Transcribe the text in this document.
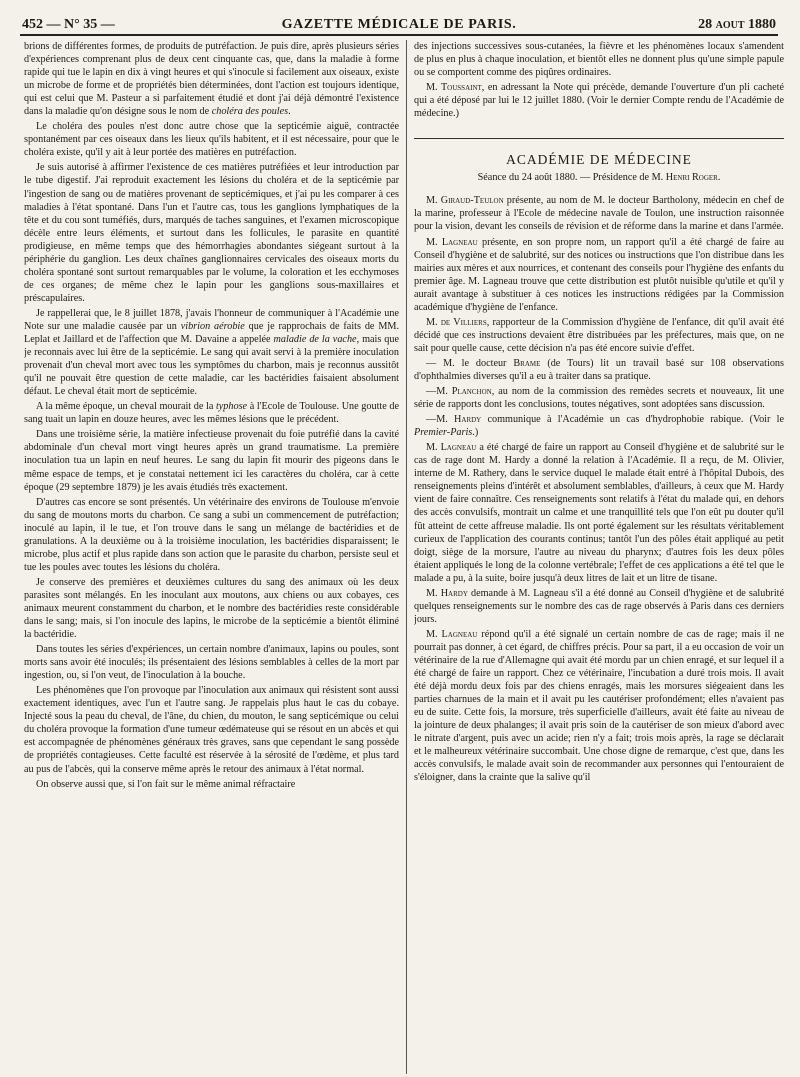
452 — N° 35 —	GAZETTE MÉDICALE DE PARIS.	28 AOUT 1880

brions de différentes formes, de produits de putréfaction. Je puis dire, après plusieurs séries d'expériences comprenant plus de deux cent cinquante cas, que, dans la maladie à forme rapide qui tue le lapin en dix à vingt heures et qui s'inocule si facilement aux oiseaux, existe un microbe de forme et de propriétés bien déterminées, dont l'action est toujours identique, qui est celui que M. Pasteur a si parfaitement étudié et dont j'ai déjà démontré l'existence dans la maladie qu'on désigne sous le nom de choléra des poules.

Le choléra des poules n'est donc autre chose que la septicémie aiguë, contractée spontanément par ces oiseaux dans les lieux qu'ils habitent, et il est nécessaire, pour que le choléra existe, qu'il y ait à leur portée des matières en putréfaction.

Je suis autorisé à affirmer l'existence de ces matières putréfiées et leur introduction par le tube digestif. J'ai reproduit exactement les lésions du choléra et de la septicémie par l'ingestion de sang ou de matières provenant de septicémiques, et j'ai pu les comparer à ces maladies à l'état spontané. Dans l'un et l'autre cas, tous les ganglions lymphatiques de la tête et du cou sont tuméfiés, durs, marqués de taches sanguines, et l'examen microscopique décèle entre leurs éléments, et surtout dans les follicules, le parasite en quantité prodigieuse, en même temps que des hémorrhagies abondantes siégeant surtout à la périphérie du ganglion. Les deux chaînes ganglionnaires cervicales des oiseaux morts du choléra spontané sont surtout remarquables par le volume, la coloration et les ecchymoses de ces organes; de même chez le lapin pour les ganglions sous-maxillaires et préscapulaires.

Je rappellerai que, le 8 juillet 1878, j'avais l'honneur de communiquer à l'Académie une Note sur une maladie causée par un vibrion aérobie que je rapprochais de faits de MM. Leplat et Jaillard et de l'affection que M. Davaine a appelée maladie de la vache, mais que je reconnais avec lui être de la septicémie. Le sang qui avait servi à la première inoculation provenait d'un cheval mort avec tous les symptômes du charbon, mais je reconnus aussitôt qu'il ne pouvait être question de cette maladie, car les bactéridies faisaient absolument défaut. Le cheval était mort de septicémie.

A la même époque, un cheval mourait de la typhose à l'Ecole de Toulouse. Une goutte de sang tuait un lapin en douze heures, avec les mêmes lésions que le précédent.

Dans une troisième série, la matière infectieuse provenait du foie putréfié dans la cavité abdominale d'un cheval mort vingt heures après un grand traumatisme. La première inoculation tua un lapin en neuf heures. Le sang du lapin fit mourir des pigeons dans le même espace de temps, et je constatai nettement ici les caractères du choléra, car à cette époque (29 septembre 1879) je les avais étudiés très exactement.

D'autres cas encore se sont présentés. Un vétérinaire des environs de Toulouse m'envoie du sang de moutons morts du charbon. Ce sang a subi un commencement de putréfaction; inoculé au lapin, il le tue, et l'on trouve dans le sang un mélange de bactéridies et de granulations. A la deuxième ou à la troisième inoculation, les bactéridies disparaissent; le microbe, plus actif et plus rapide dans son action que le parasite du charbon, persiste seul et tue les poules avec toutes les lésions du choléra.

Je conserve des premières et deuxièmes cultures du sang des animaux où les deux parasites sont mélangés. En les inoculant aux moutons, aux chiens ou aux cobayes, ces animaux meurent constamment du charbon, et le nombre des bactéridies reste considérable dans le sang; mais, si l'on inocule des lapins, le microbe de la septicémie a bientôt éliminé la bactéridie.

Dans toutes les séries d'expériences, un certain nombre d'animaux, lapins ou poules, sont morts sans avoir été inoculés; ils présentaient des lésions semblables à celles de la mort par ingestion, ou, si l'on veut, de l'inoculation à la bouche.

Les phénomènes que l'on provoque par l'inoculation aux animaux qui résistent sont aussi exactement identiques, avec l'un et l'autre sang. Je rappelais plus haut le cas du cobaye. Injecté sous la peau du cheval, de l'âne, du chien, du mouton, le sang septicémique ou celui du choléra provoque la formation d'une tumeur œdémateuse qui se résout en un abcès et qui est accompagnée de phénomènes généraux très graves, sans que cependant le sang possède de propriétés contagieuses. Cette faculté est réservée à la sérosité de l'œdème, et plus tard au pus de l'abcès, qui la conserve même après le retour des animaux à l'état normal.

On observe aussi que, si l'on fait sur le même animal réfractaire

des injections successives sous-cutanées, la fièvre et les phénomènes locaux s'amendent de plus en plus à chaque inoculation, et bientôt elles ne donnent plus qu'une simple papule ou se comportent comme des piqûres ordinaires.

M. Toussaint, en adressant la Note qui précède, demande l'ouverture d'un pli cacheté qui a été déposé par lui le 12 juillet 1880. (Voir le dernier Compte rendu de l'Académie de médecine.)

ACADÉMIE DE MÉDECINE
Séance du 24 août 1880. — Présidence de M. Henri Roger.

M. Giraud-Teulon présente, au nom de M. le docteur Bartholony, médecin en chef de la marine, professeur à l'Ecole de médecine navale de Toulon, une instruction raisonnée pour la vision, devant les conseils de révision et de réforme dans la marine et dans l'armée.

M. Lagneau présente, en son propre nom, un rapport qu'il a été chargé de faire au Conseil d'hygiène et de salubrité, sur des notices ou instructions que l'on distribue dans les mairies aux mères et aux nourrices, et contenant des conseils pour l'hygiène des enfants du premier âge. M. Lagneau trouve que cette distribution est plutôt nuisible qu'utile et qu'il y aurait avantage à substituer à ces notices les instructions rédigées par la Commission académique d'hygiène de l'enfance.

M. de Villiers, rapporteur de la Commission d'hygiène de l'enfance, dit qu'il avait été décidé que ces instructions devaient être distribuées par les préfectures, mais que, on ne sait pour quelle cause, cette décision n'a pas été encore suivie d'effet.

— M. le docteur Brame (de Tours) lit un travail basé sur 108 observations d'ophthalmies diverses qu'il a eu à traiter dans sa pratique.

—M. Planchon, au nom de la commission des remèdes secrets et nouveaux, lit une série de rapports dont les conclusions, toutes négatives, sont adoptées sans discussion.

—M. Hardy communique à l'Académie un cas d'hydrophobie rabique. (Voir le Premier-Paris.)

M. Lagneau a été chargé de faire un rapport au Conseil d'hygiène et de salubrité sur le cas de rage dont M. Hardy a donné la relation à l'Académie. Il a reçu, de M. Olivier, interne de M. Rathery, dans le service duquel le malade était entré à l'hôpital Dubois, des renseignements pleins d'intérêt et absolument semblables, d'ailleurs, à ceux que M. Hardy vient de faire connaître. Ces renseignements sont relatifs à l'état du malade qui, en dehors des accès convulsifs, montrait un calme et une tranquillité tels que l'on eût pu douter qu'il fût atteint de cette affreuse maladie. Ils ont porté également sur les résultats véritablement curieux de l'application des courants continus; tantôt l'un des pôles était appliqué au petit doigt, siège de la morsure, l'autre au niveau du pharynx; d'autres fois les deux pôles étaient appliqués le long de la colonne vertébrale; l'effet de ces applications a été tel que le malade a pu, à la suite, boire jusqu'à deux litres de lait et un litre de tisane.

M. Hardy demande à M. Lagneau s'il a été donné au Conseil d'hygiène et de salubrité quelques renseignements sur le nombre des cas de rage observés à Paris dans ces derniers jours.

M. Lagneau répond qu'il a été signalé un certain nombre de cas de rage; mais il ne pourrait pas donner, à cet égard, de chiffres précis. Pour sa part, il a eu occasion de voir un vétérinaire de la rue d'Allemagne qui avait été mordu par un chien enragé, et sur lequel il a été chargé de faire un rapport. Chez ce vétérinaire, l'incubation a duré trois mois. Il avait été déjà mordu deux fois par des chiens enragés, mais les morsures siégeaient dans les parties charnues de la main et il avait pu les cautériser profondément; elles n'avaient pas eu de suite. Cette fois, la morsure, très superficielle d'ailleurs, avait été faite au niveau de la jointure de deux phalanges; il avait pris soin de la cautériser de son mieux d'abord avec le nitrate d'argent, puis avec un acide; rien n'y a fait; trois mois après, la rage se déclarait et le malheureux vétérinaire succombait. Une chose digne de remarque, c'est que, dans les accès convulsifs, le malade avait soin de recommander aux personnes qui l'entouraient de s'éloigner, dans la crainte que la salive qu'il
